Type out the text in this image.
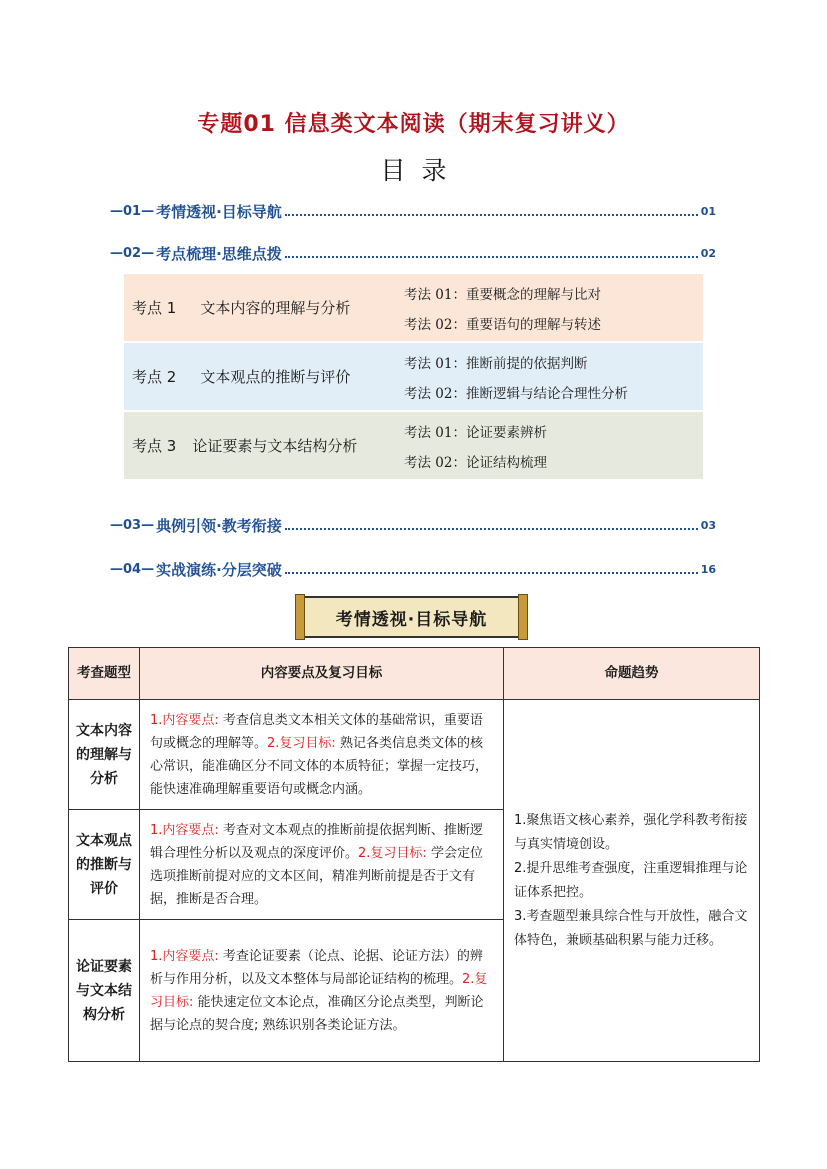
专题01 信息类文本阅读（期末复习讲义）
目录
—01— 考情透视·目标导航	01
—02— 考点梳理·思维点拨	02
考点 1 文本内容的理解与分析
考法 01：重要概念的理解与比对
考法 02：重要语句的理解与转述
考点 2 文本观点的推断与评价
考法 01：推断前提的依据判断
考法 02：推断逻辑与结论合理性分析
考点 3 论证要素与文本结构分析
考法 01：论证要素辨析
考法 02：论证结构梳理
—03— 典例引领·教考衔接	03
—04— 实战演练·分层突破	16
考情透视·目标导航
考查题型	内容要点及复习目标	命题趋势
文本内容的理解与分析	1.内容要点: 考查信息类文本相关文体的基础常识，重要语句或概念的理解等。2.复习目标: 熟记各类信息类文体的核心常识，能准确区分不同文体的本质特征；掌握一定技巧，能快速准确理解重要语句或概念内涵。	1.聚焦语文核心素养，强化学科教考衔接与真实情境创设。
2.提升思维考查强度，注重逻辑推理与论证体系把控。
3.考查题型兼具综合性与开放性，融合文体特色，兼顾基础积累与能力迁移。

文本观点的推断与评价	1.内容要点: 考查对文本观点的推断前提依据判断、推断逻辑合理性分析以及观点的深度评价。2.复习目标: 学会定位选项推断前提对应的文本区间，精准判断前提是否于文有据，推断是否合理。	
论证要素与文本结构分析	1.内容要点: 考查论证要素（论点、论据、论证方法）的辨析与作用分析，以及文本整体与局部论证结构的梳理。2.复习目标: 能快速定位文本论点，准确区分论点类型，判断论据与论点的契合度; 熟练识别各类论证方法。	
